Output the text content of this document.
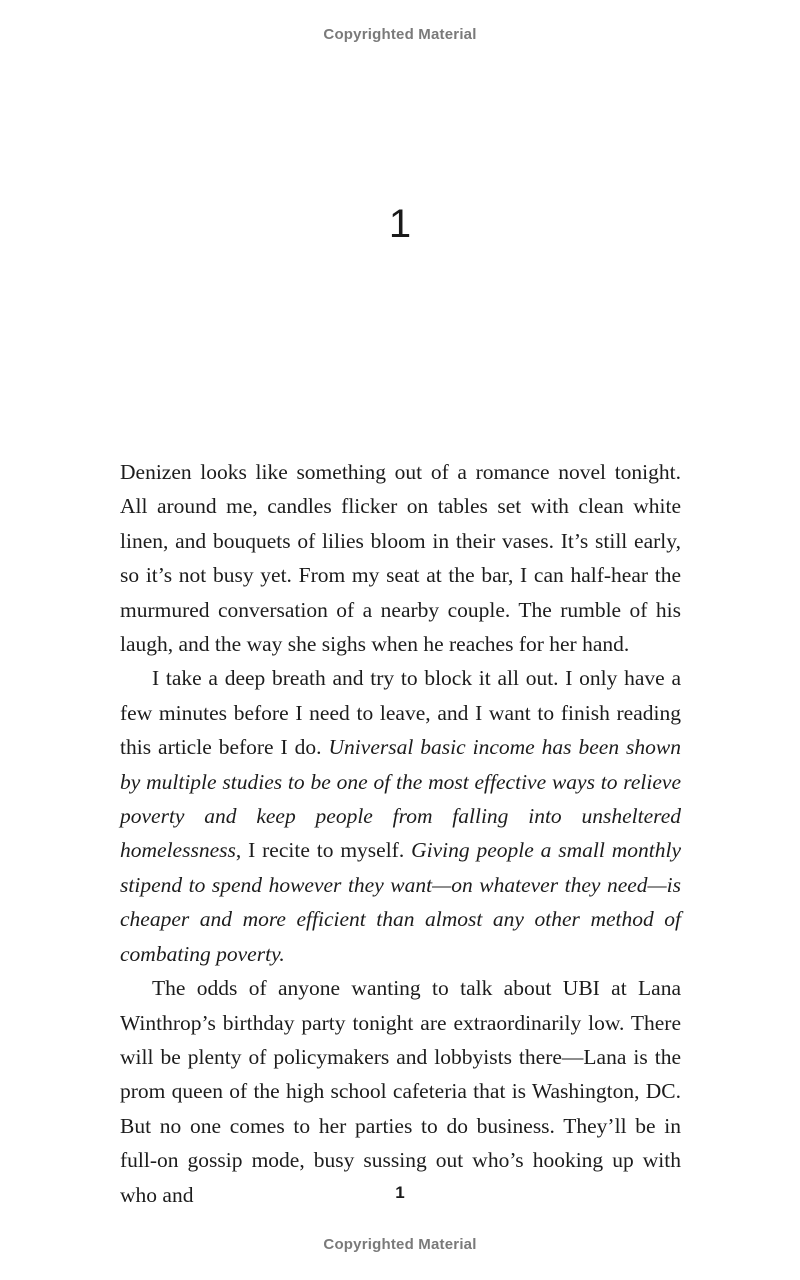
Copyrighted Material
1

Denizen looks like something out of a romance novel tonight. All around me, candles flicker on tables set with clean white linen, and bouquets of lilies bloom in their vases. It’s still early, so it’s not busy yet. From my seat at the bar, I can half-hear the murmured conversation of a nearby couple. The rumble of his laugh, and the way she sighs when he reaches for her hand.

I take a deep breath and try to block it all out. I only have a few minutes before I need to leave, and I want to finish reading this article before I do. Universal basic income has been shown by multiple studies to be one of the most effective ways to relieve poverty and keep people from falling into unsheltered homelessness, I recite to myself. Giving people a small monthly stipend to spend however they want—on whatever they need—is cheaper and more efficient than almost any other method of combating poverty.

The odds of anyone wanting to talk about UBI at Lana Winthrop’s birthday party tonight are extraordinarily low. There will be plenty of policymakers and lobbyists there—Lana is the prom queen of the high school cafeteria that is Washington, DC. But no one comes to her parties to do business. They’ll be in full-on gossip mode, busy sussing out who’s hooking up with who and	1
Copyrighted Material
